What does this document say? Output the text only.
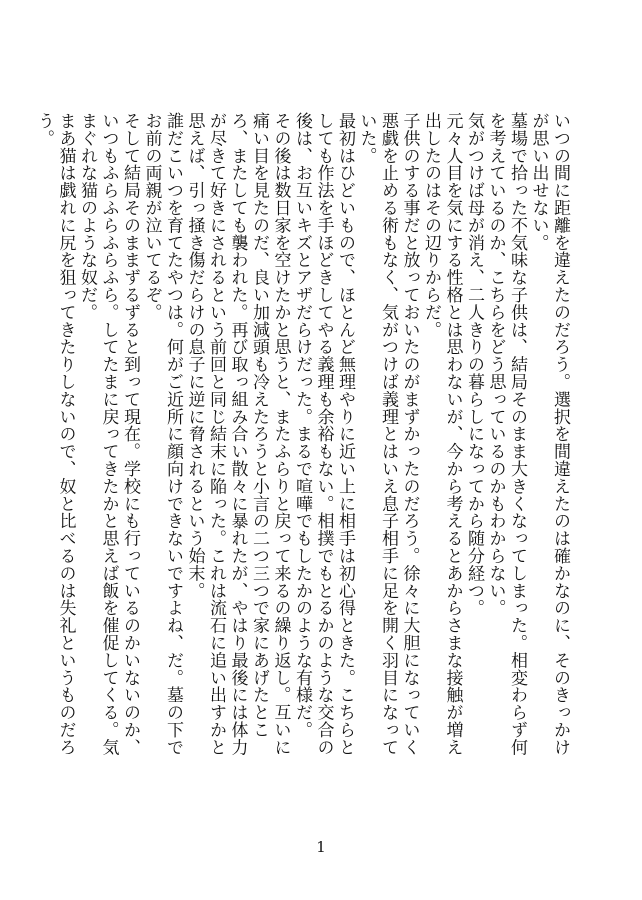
いつの間に距離を違えたのだろう。選択を間違えたのは確かなのに、そのきっかけが思い出せない。

墓場で拾った不気味な子供は、結局そのまま大きくなってしまった。相変わらず何を考えているのか、こちらをどう思っているのかもわからない。

気がつけば母が消え、二人きりの暮らしになってから随分経つ。

元々人目を気にする性格とは思わないが、今から考えるとあからさまな接触が増え出したのはその辺りからだ。

子供のする事だと放っておいたのがまずかったのだろう。徐々に大胆になっていく悪戯を止める術もなく、気がつけば義理とはいえ息子相手に足を開く羽目になっていた。

最初はひどいもので、ほとんど無理やりに近い上に相手は初心得ときた。こちらとしても作法を手ほどきしてやる義理も余裕もない。相撲でもとるかのような交合の後は、お互いキズとアザだらけだった。まるで喧嘩でもしたかのような有様だ。

その後は数日家を空けたかと思うと、またふらりと戻って来るの繰り返し。互いに痛い目を見たのだ、良い加減頭も冷えたろうと小言の二つ三つで家にあげたところ、またしても襲われた。再び取っ組み合い散々に暴れたが、やはり最後には体力が尽きて好きにされるという前回と同じ結末に陥った。これは流石に追い出すかと思えば、引っ掻き傷だらけの息子に逆に脅されるという始末。

誰だこいつを育てたやつは。何がご近所に顔向けできないですよね、だ。墓の下でお前の両親が泣いてるぞ。

そして結局そのままずるずると到って現在。学校にも行っているのかいないのか、いつもふらふらふらふら。してたまに戻ってきたかと思えば飯を催促してくる。気まぐれな猫のような奴だ。

まあ猫は戯れに尻を狙ってきたりしないので、奴と比べるのは失礼というものだろう。

1
